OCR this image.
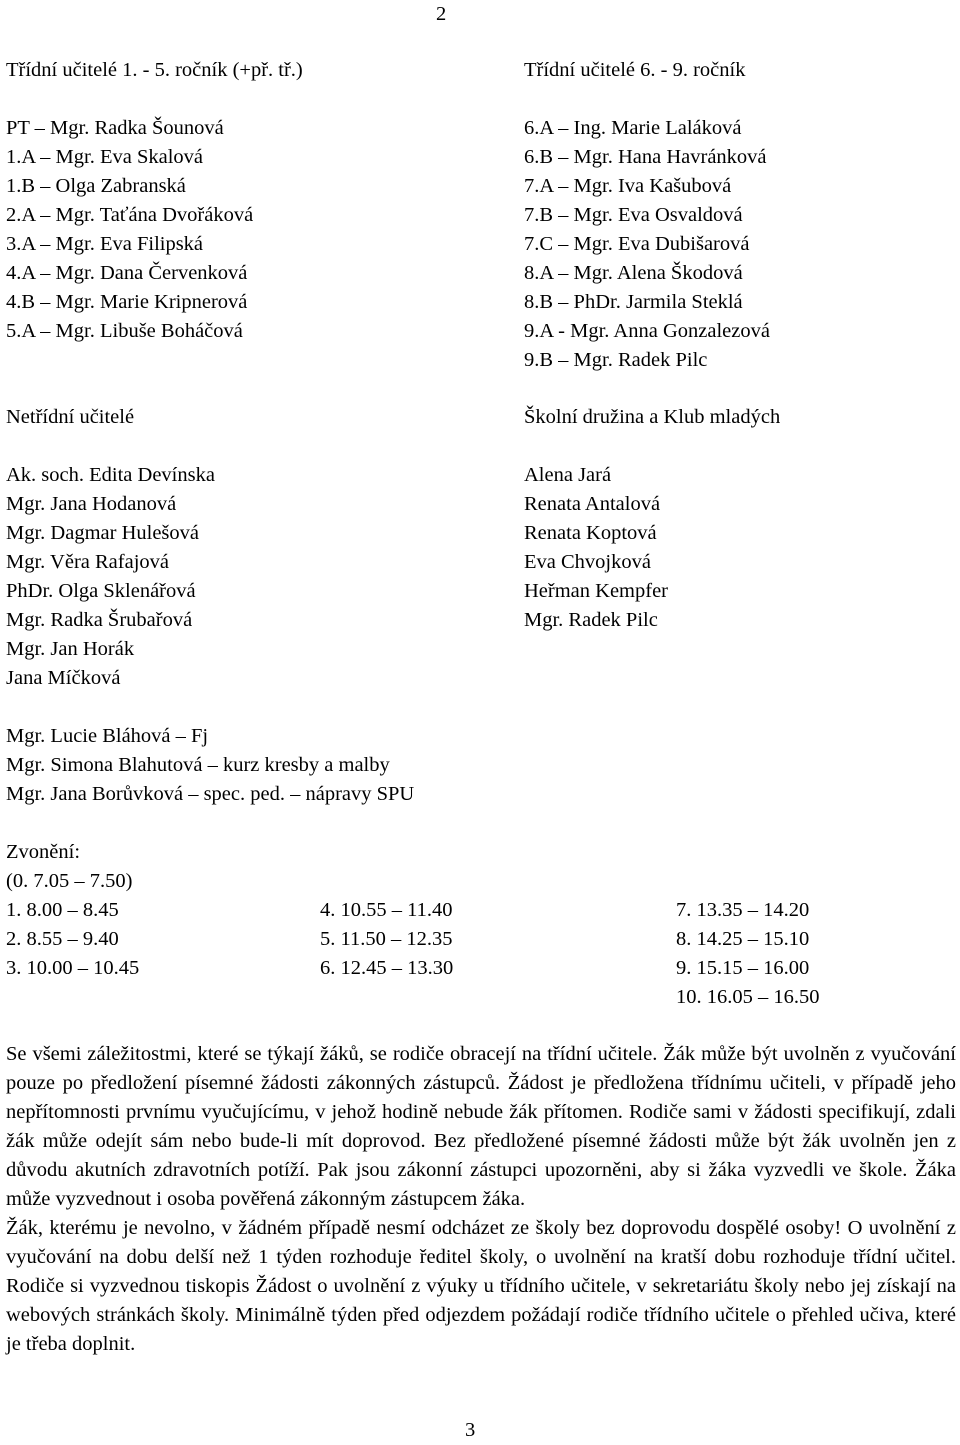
2
Třídní učitelé 1. - 5. ročník (+př. tř.)
PT – Mgr. Radka Šounová
1.A – Mgr. Eva Skalová
1.B – Olga Zabranská
2.A – Mgr. Taťána Dvořáková
3.A – Mgr. Eva Filipská
4.A – Mgr. Dana Červenková
4.B – Mgr. Marie Kripnerová
5.A – Mgr. Libuše Boháčová
Třídní učitelé 6. - 9. ročník
6.A – Ing. Marie Laláková
6.B – Mgr. Hana Havránková
7.A – Mgr. Iva Kašubová
7.B – Mgr. Eva Osvaldová
7.C – Mgr. Eva Dubišarová
8.A – Mgr. Alena Škodová
8.B – PhDr. Jarmila Steklá
9.A - Mgr. Anna Gonzalezová
9.B – Mgr. Radek Pilc
Netřídní učitelé
Ak. soch. Edita Devínska
Mgr. Jana Hodanová
Mgr. Dagmar Hulešová
Mgr. Věra Rafajová
PhDr. Olga Sklenářová
Mgr. Radka Šrubařová
Mgr. Jan Horák
Jana Míčková
Školní družina a Klub mladých
Alena Jará
Renata Antalová
Renata Koptová
Eva Chvojková
Heřman Kempfer
Mgr. Radek Pilc
Mgr. Lucie Bláhová – Fj
Mgr. Simona Blahutová – kurz kresby a malby
Mgr. Jana Borůvková – spec. ped. – nápravy SPU
Zvonění:
(0. 7.05 – 7.50)
1. 8.00 – 8.45	4. 10.55 – 11.40	7. 13.35 – 14.20
2. 8.55 – 9.40	5. 11.50 – 12.35	8. 14.25 – 15.10
3. 10.00 – 10.45	6. 12.45 – 13.30	9. 15.15 – 16.00
10. 16.05 – 16.50

Se všemi záležitostmi, které se týkají žáků, se rodiče obracejí na třídní učitele. Žák může být uvolněn z vyučování pouze po předložení písemné žádosti zákonných zástupců. Žádost je předložena třídnímu učiteli, v případě jeho nepřítomnosti prvnímu vyučujícímu, v jehož hodině nebude žák přítomen. Rodiče sami v žádosti specifikují, zdali žák může odejít sám nebo bude-li mít doprovod. Bez předložené písemné žádosti může být žák uvolněn jen z důvodu akutních zdravotních potíží. Pak jsou zákonní zástupci upozorněni, aby si žáka vyzvedli ve škole. Žáka může vyzvednout i osoba pověřená zákonným zástupcem žáka.

Žák, kterému je nevolno, v žádném případě nesmí odcházet ze školy bez doprovodu dospělé osoby! O uvolnění z vyučování na dobu delší než 1 týden rozhoduje ředitel školy, o uvolnění na kratší dobu rozhoduje třídní učitel. Rodiče si vyzvednou tiskopis Žádost o uvolnění z výuky u třídního učitele, v sekretariátu školy nebo jej získají na webových stránkách školy. Minimálně týden před odjezdem požádají rodiče třídního učitele o přehled učiva, které je třeba doplnit.

3
